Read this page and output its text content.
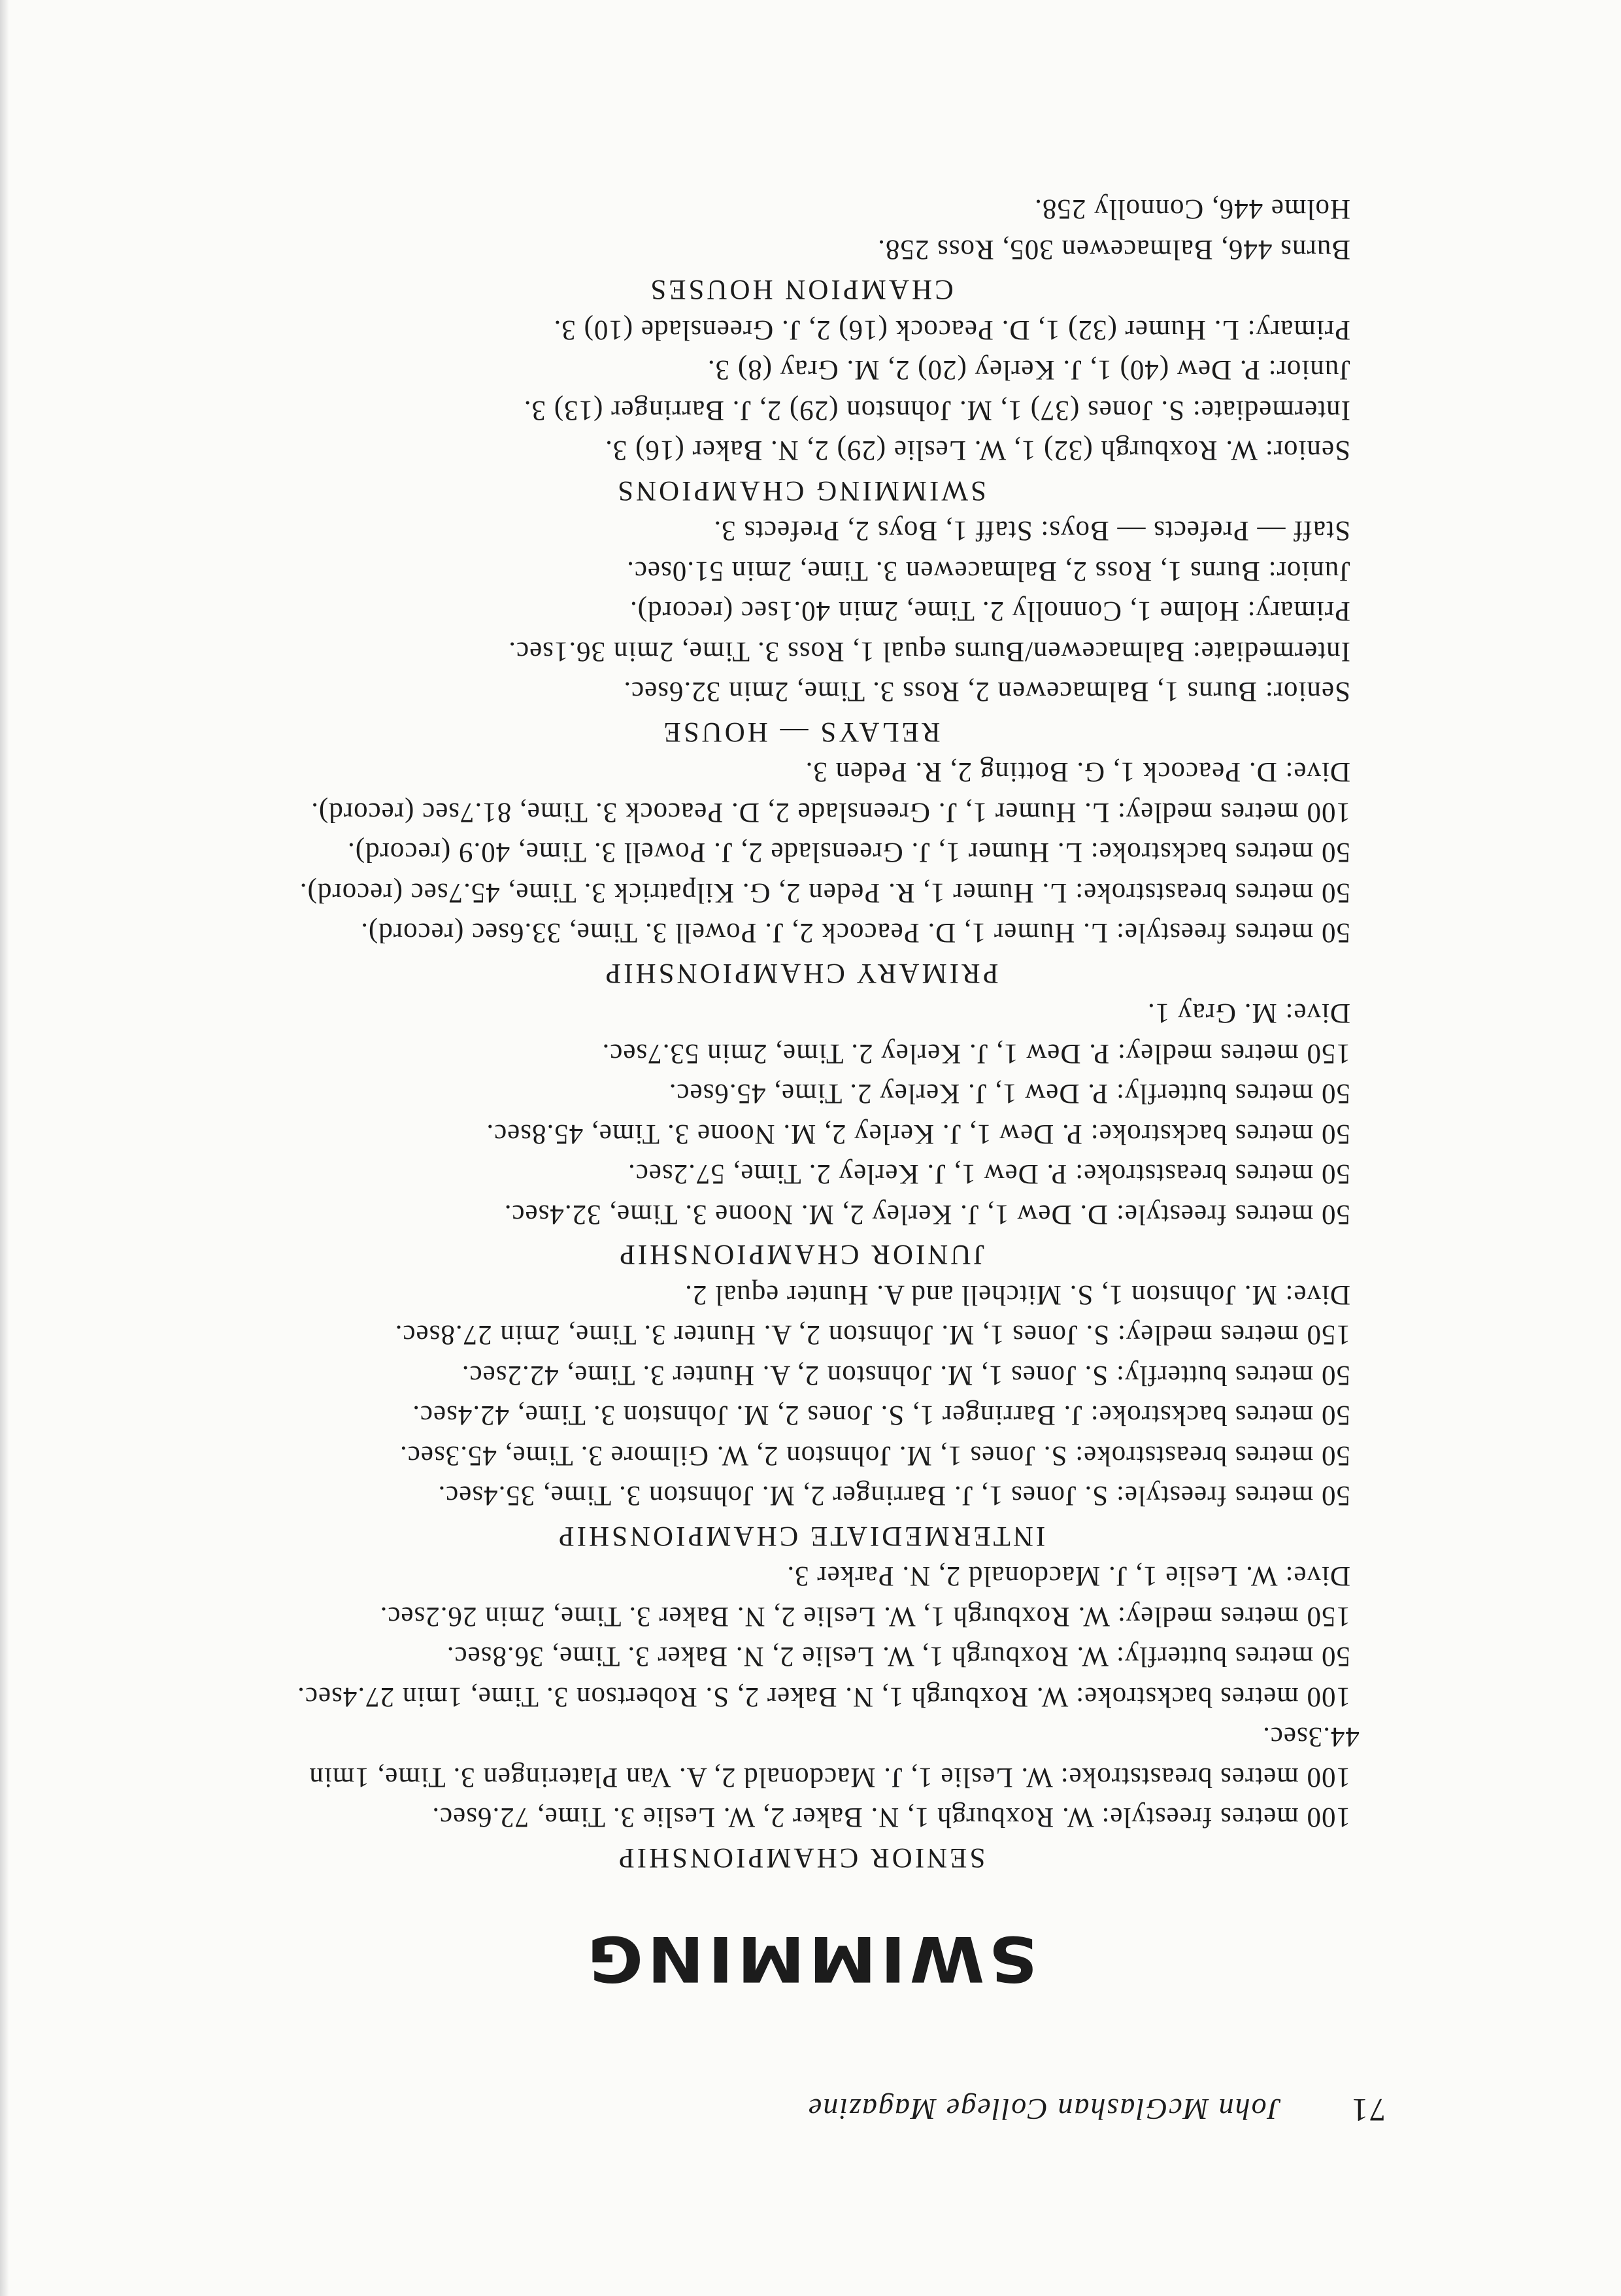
71
John McGlashan College Magazine
SWIMMING

SENIOR CHAMPIONSHIP

100 metres freestyle: W. Roxburgh 1, N. Baker 2, W. Leslie 3. Time, 72.6sec.

100 metres breaststroke: W. Leslie 1, J. Macdonald 2, A. Van Plateringen 3. Time, 1min 44.3sec.

100 metres backstroke: W. Roxburgh 1, N. Baker 2, S. Robertson 3. Time, 1min 27.4sec.

50 metres butterfly: W. Roxburgh 1, W. Leslie 2, N. Baker 3. Time, 36.8sec.

150 metres medley: W. Roxburgh 1, W. Leslie 2, N. Baker 3. Time, 2min 26.2sec.

Dive: W. Leslie 1, J. Macdonald 2, N. Parker 3.

INTERMEDIATE CHAMPIONSHIP

50 metres freestyle: S. Jones 1, J. Barringer 2, M. Johnston 3. Time, 35.4sec.

50 metres breaststroke: S. Jones 1, M. Johnston 2, W. Gilmore 3. Time, 45.3sec.

50 metres backstroke: J. Barringer 1, S. Jones 2, M. Johnston 3. Time, 42.4sec.

50 metres butterfly: S. Jones 1, M. Johnston 2, A. Hunter 3. Time, 42.2sec.

150 metres medley: S. Jones 1, M. Johnston 2, A. Hunter 3. Time, 2min 27.8sec.

Dive: M. Johnston 1, S. Mitchell and A. Hunter equal 2.

JUNIOR CHAMPIONSHIP

50 metres freestyle: D. Dew 1, J. Kerley 2, M. Noone 3. Time, 32.4sec.

50 metres breaststroke: P. Dew 1, J. Kerley 2. Time, 57.2sec.

50 metres backstroke: P. Dew 1, J. Kerley 2, M. Noone 3. Time, 45.8sec.

50 metres butterfly: P. Dew 1, J. Kerley 2. Time, 45.6sec.

150 metres medley: P. Dew 1, J. Kerley 2. Time, 2min 53.7sec.

Dive: M. Gray 1.

PRIMARY CHAMPIONSHIP

50 metres freestyle: L. Humer 1, D. Peacock 2, J. Powell 3. Time, 33.6sec (record).

50 metres breaststroke: L. Humer 1, R. Peden 2, G. Kilpatrick 3. Time, 45.7sec (record).

50 metres backstroke: L. Humer 1, J. Greenslade 2, J. Powell 3. Time, 40.9 (record).

100 metres medley: L. Humer 1, J. Greenslade 2, D. Peacock 3. Time, 81.7sec (record).

Dive: D. Peacock 1, G. Botting 2, R. Peden 3.

RELAYS — HOUSE

Senior: Burns 1, Balmacewen 2, Ross 3. Time, 2min 32.6sec.

Intermediate: Balmacewen/Burns equal 1, Ross 3. Time, 2min 36.1sec.

Primary: Holme 1, Connolly 2. Time, 2min 40.1sec (record).

Junior: Burns 1, Ross 2, Balmacewen 3. Time, 2min 51.0sec.

Staff — Prefects — Boys: Staff 1, Boys 2, Prefects 3.

SWIMMING CHAMPIONS

Senior: W. Roxburgh (32) 1, W. Leslie (29) 2, N. Baker (16) 3.

Intermediate: S. Jones (37) 1, M. Johnston (29) 2, J. Barringer (13) 3.

Junior: P. Dew (40) 1, J. Kerley (20) 2, M. Gray (8) 3.

Primary: L. Humer (32) 1, D. Peacock (16) 2, J. Greenslade (10) 3.

CHAMPION HOUSES

Burns 446, Balmacewen 305, Ross 258.

Holme 446, Connolly 258.
